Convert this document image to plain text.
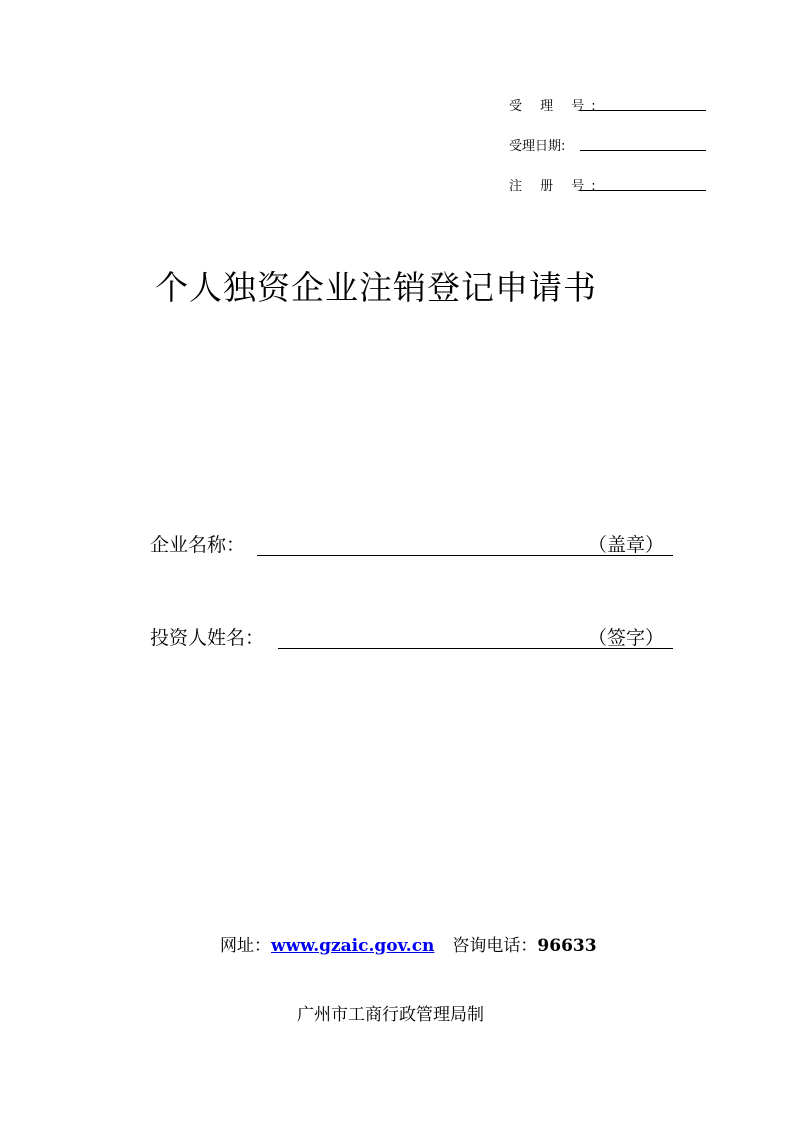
受 理 号:
受理日期:
注 册 号:
个人独资企业注销登记申请书
企业名称：	（盖章）
投资人姓名：	（签字）
网址：www.gzaic.gov.cn 咨询电话：96633
广州市工商行政管理局制
